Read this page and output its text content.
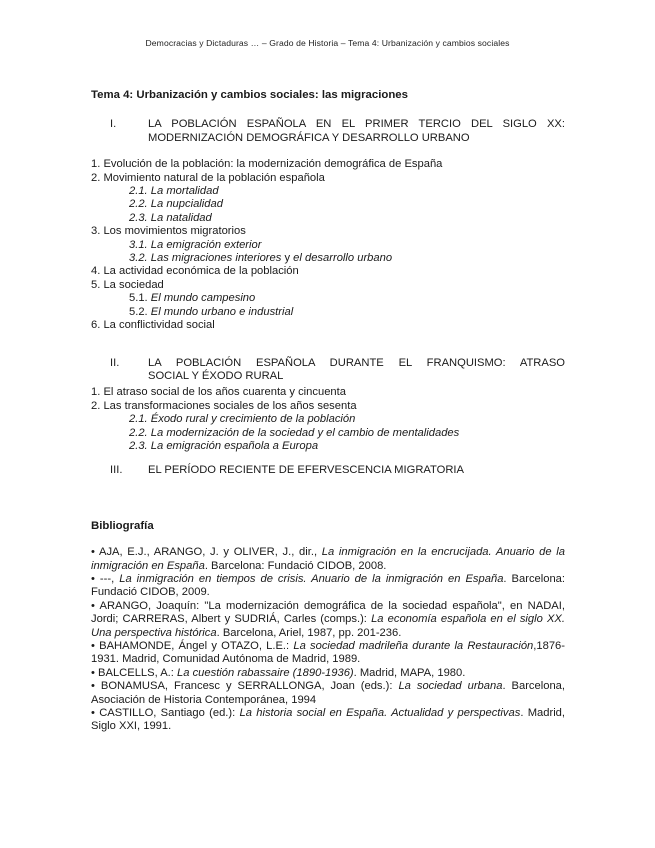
Democracias y Dictaduras … – Grado de Historia – Tema 4: Urbanización y cambios sociales

Tema 4: Urbanización y cambios sociales: las migraciones

I.	LA POBLACIÓN ESPAÑOLA EN EL PRIMER TERCIO DEL SIGLO XX:
MODERNIZACIÓN DEMOGRÁFICA Y DESARROLLO URBANO

1. Evolución de la población: la modernización demográfica de España

2. Movimiento natural de la población española

2.1. La mortalidad

2.2. La nupcialidad

2.3. La natalidad

3. Los movimientos migratorios

3.1. La emigración exterior

3.2. Las migraciones interiores y el desarrollo urbano

4. La actividad económica de la población

5. La sociedad

5.1. El mundo campesino

5.2. El mundo urbano e industrial

6. La conflictividad social

II.	LA POBLACIÓN ESPAÑOLA DURANTE EL FRANQUISMO: ATRASO
SOCIAL Y ÉXODO RURAL

1. El atraso social de los años cuarenta y cincuenta

2. Las transformaciones sociales de los años sesenta

2.1. Éxodo rural y crecimiento de la población

2.2. La modernización de la sociedad y el cambio de mentalidades

2.3. La emigración española a Europa

III.	EL PERÍODO RECIENTE DE EFERVESCENCIA MIGRATORIA

Bibliografía

• AJA, E.J., ARANGO, J. y OLIVER, J., dir., La inmigración en la encrucijada. Anuario de la inmigración en España. Barcelona: Fundació CIDOB, 2008.

• ---, La inmigración en tiempos de crisis. Anuario de la inmigración en España. Barcelona: Fundació CIDOB, 2009.

• ARANGO, Joaquín: "La modernización demográfica de la sociedad española", en NADAI, Jordi; CARRERAS, Albert y SUDRIÁ, Carles (comps.): La economía española en el siglo XX. Una perspectiva histórica. Barcelona, Ariel, 1987, pp. 201-236.

• BAHAMONDE, Ángel y OTAZO, L.E.: La sociedad madrileña durante la Restauración,1876-1931. Madrid, Comunidad Autónoma de Madrid, 1989.

• BALCELLS, A.: La cuestión rabassaire (1890-1936). Madrid, MAPA, 1980.

• BONAMUSA, Francesc y SERRALLONGA, Joan (eds.): La sociedad urbana. Barcelona, Asociación de Historia Contemporánea, 1994

• CASTILLO, Santiago (ed.): La historia social en España. Actualidad y perspectivas. Madrid, Siglo XXI, 1991.
